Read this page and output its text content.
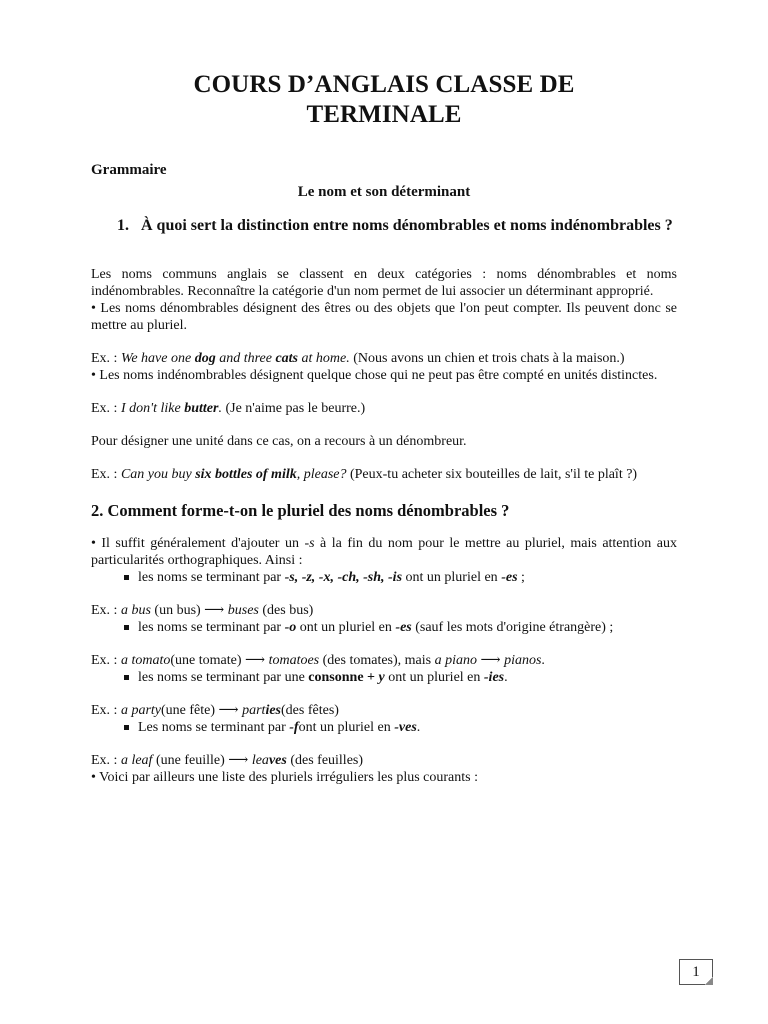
COURS D’ANGLAIS CLASSE DE
TERMINALE
Grammaire
Le nom et son déterminant
1. À quoi sert la distinction entre noms dénombrables et noms indénombrables ?

Les noms communs anglais se classent en deux catégories : noms dénombrables et noms indénombrables. Reconnaître la catégorie d'un nom permet de lui associer un déterminant approprié.

• Les noms dénombrables désignent des êtres ou des objets que l'on peut compter. Ils peuvent donc se mettre au pluriel.

Ex. : We have one dog and three cats at home. (Nous avons un chien et trois chats à la maison.)

• Les noms indénombrables désignent quelque chose qui ne peut pas être compté en unités distinctes.

Ex. : I don't like butter. (Je n'aime pas le beurre.)

Pour désigner une unité dans ce cas, on a recours à un dénombreur.

Ex. : Can you buy six bottles of milk, please? (Peux-tu acheter six bouteilles de lait, s'il te plaît ?)

2. Comment forme-t-on le pluriel des noms dénombrables ?

• Il suffit généralement d'ajouter un -s à la fin du nom pour le mettre au pluriel, mais attention aux particularités orthographiques. Ainsi :

les noms se terminant par -s, -z, -x, -ch, -sh, -is ont un pluriel en -es ;

Ex. : a bus (un bus) ⟶ buses (des bus)

les noms se terminant par -o ont un pluriel en -es (sauf les mots d'origine étrangère) ;

Ex. : a tomato(une tomate) ⟶ tomatoes (des tomates), mais a piano ⟶ pianos.

les noms se terminant par une consonne + y ont un pluriel en -ies.

Ex. : a party(une fête) ⟶ parties(des fêtes)

Les noms se terminant par -font un pluriel en -ves.

Ex. : a leaf (une feuille) ⟶ leaves (des feuilles)

• Voici par ailleurs une liste des pluriels irréguliers les plus courants :

1
